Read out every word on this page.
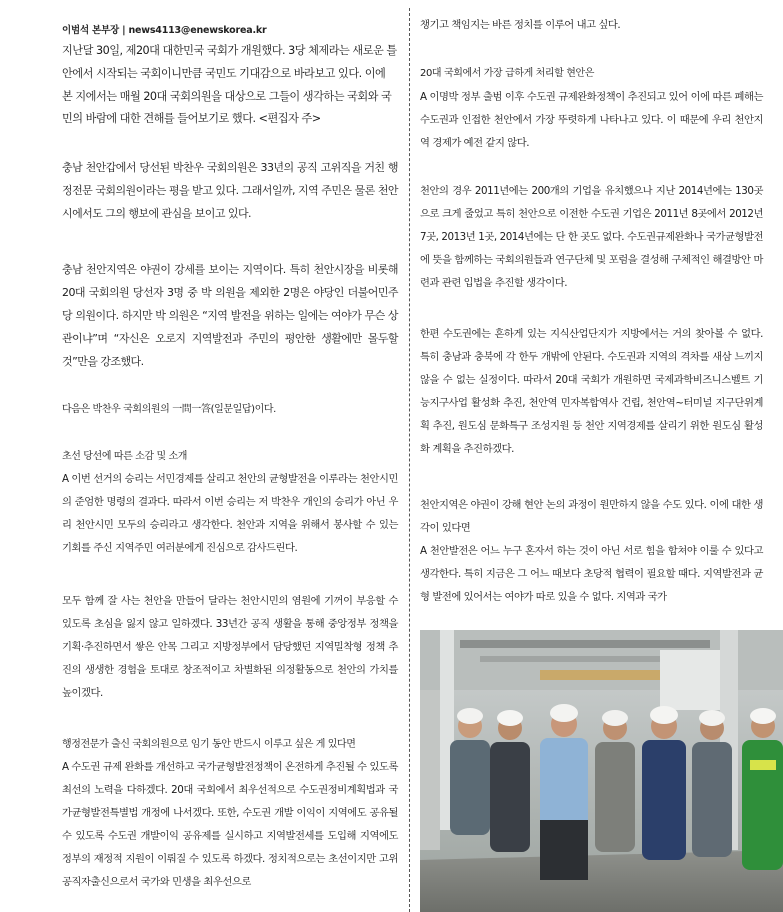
이범석 본부장 | news4113@enewskorea.kr

지난달 30일, 제20대 대한민국 국회가 개원했다. 3당 체제라는 새로운 틀 안에서 시작되는 국회이니만큼 국민도 기대감으로 바라보고 있다. 이에 본 지에서는 매월 20대 국회의원을 대상으로 그들이 생각하는 국회와 국민의 바람에 대한 견해를 들어보기로 했다. <편집자 주>

충남 천안갑에서 당선된 박찬우 국회의원은 33년의 공직 고위직을 거친 행정전문 국회의원이라는 평을 받고 있다. 그래서일까, 지역 주민은 물론 천안시에서도 그의 행보에 관심을 보이고 있다.

충남 천안지역은 야권이 강세를 보이는 지역이다. 특히 천안시장을 비롯해 20대 국회의원 당선자 3명 중 박 의원을 제외한 2명은 야당인 더불어민주당 의원이다. 하지만 박 의원은 “지역 발전을 위하는 일에는 여야가 무슨 상관이냐”며 “자신은 오로지 지역발전과 주민의 평안한 생활에만 몰두할 것”만을 강조했다.

다음은 박찬우 국회의원의 一問一答(일문일답)이다.

초선 당선에 따른 소감 및 소개

A 이번 선거의 승리는 서민경제를 살리고 천안의 균형발전을 이루라는 천안시민의 준엄한 명령의 결과다. 따라서 이번 승리는 저 박찬우 개인의 승리가 아닌 우리 천안시민 모두의 승리라고 생각한다. 천안과 지역을 위해서 봉사할 수 있는 기회를 주신 지역주민 여러분에게 진심으로 감사드린다.

모두 함께 잘 사는 천안을 만들어 달라는 천안시민의 염원에 기꺼이 부응할 수 있도록 초심을 잃지 않고 일하겠다. 33년간 공직 생활을 통해 중앙정부 정책을 기획·추진하면서 쌓은 안목 그리고 지방정부에서 담당했던 지역밀착형 정책 추진의 생생한 경험을 토대로 창조적이고 차별화된 의정활동으로 천안의 가치를 높이겠다.

행정전문가 출신 국회의원으로 임기 동안 반드시 이루고 싶은 게 있다면

A 수도권 규제 완화를 개선하고 국가균형발전정책이 온전하게 추진될 수 있도록 최선의 노력을 다하겠다. 20대 국회에서 최우선적으로 수도권정비계획법과 국가균형발전특별법 개정에 나서겠다. 또한, 수도권 개발 이익이 지역에도 공유될 수 있도록 수도권 개발이익 공유제를 실시하고 지역발전세를 도입해 지역에도 정부의 재정적 지원이 이뤄질 수 있도록 하겠다. 정치적으로는 초선이지만 고위공직자출신으로서 국가와 민생을 최우선으로

챙기고 책임지는 바른 정치를 이루어 내고 싶다.

20대 국회에서 가장 급하게 처리할 현안은

A 이명박 정부 출범 이후 수도권 규제완화정책이 추진되고 있어 이에 따른 폐해는 수도권과 인접한 천안에서 가장 뚜렷하게 나타나고 있다. 이 때문에 우리 천안지역 경제가 예전 같지 않다.

천안의 경우 2011년에는 200개의 기업을 유치했으나 지난 2014년에는 130곳으로 크게 줄었고 특히 천안으로 이전한 수도권 기업은 2011년 8곳에서 2012년 7곳, 2013년 1곳, 2014년에는 단 한 곳도 없다. 수도권규제완화나 국가균형발전에 뜻을 함께하는 국회의원들과 연구단체 및 포럼을 결성해 구체적인 해결방안 마련과 관련 입법을 추진할 생각이다.

한편 수도권에는 흔하게 있는 지식산업단지가 지방에서는 거의 찾아볼 수 없다. 특히 충남과 충북에 각 한두 개밖에 안된다. 수도권과 지역의 격차를 새삼 느끼지 않을 수 없는 실정이다. 따라서 20대 국회가 개원하면 국제과학비즈니스벨트 기능지구사업 활성화 추진, 천안역 민자복합역사 건립, 천안역~터미널 지구단위계획 추진, 원도심 문화특구 조성지원 등 천안 지역경제를 살리기 위한 원도심 활성화 계획을 추진하겠다.

천안지역은 야권이 강해 현안 논의 과정이 원만하지 않을 수도 있다. 이에 대한 생각이 있다면

A 천안발전은 어느 누구 혼자서 하는 것이 아닌 서로 힘을 합쳐야 이룰 수 있다고 생각한다. 특히 지금은 그 어느 때보다 초당적 협력이 필요할 때다. 지역발전과 균형 발전에 있어서는 여야가 따로 있을 수 없다. 지역과 국가
